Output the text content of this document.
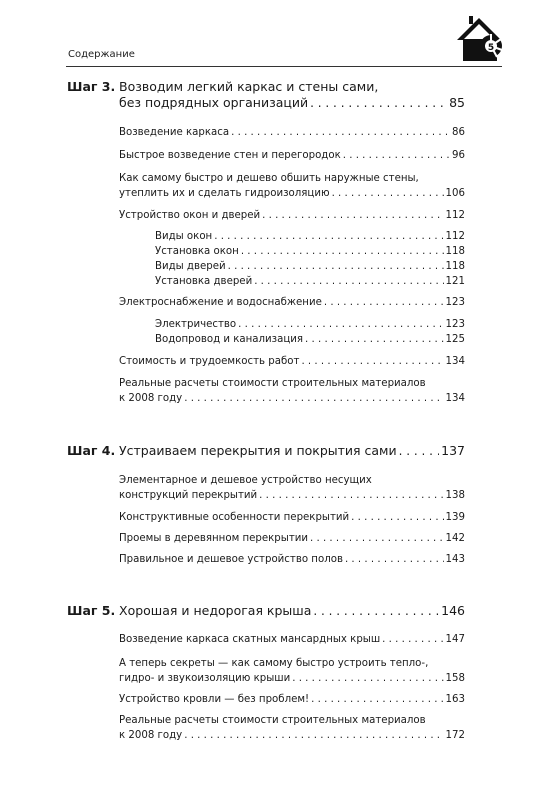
Содержание
5
Шаг 3. Возводим легкий каркас и стены сами,
без подрядных организаций . . .	85
Возведение каркаса . . .	86
Быстрое возведение стен и перегородок . . .	96
Как самому быстро и дешево обшить наружные стены,
утеплить их и сделать гидроизоляцию . . .	106
Устройство окон и дверей . . .	112
Виды окон . . .	112
Установка окон . . .	118
Виды дверей . . .	118
Установка дверей . . .	121
Электроснабжение и водоснабжение . . .	123
Электричество . . .	123
Водопровод и канализация . . .	125
Стоимость и трудоемкость работ . . .	134
Реальные расчеты стоимости строительных материалов
к 2008 году . . .	134
Шаг 4. Устраиваем перекрытия и покрытия сами . . .	137
Элементарное и дешевое устройство несущих
конструкций перекрытий . . .	138
Конструктивные особенности перекрытий . . .	139
Проемы в деревянном перекрытии . . .	142
Правильное и дешевое устройство полов . . .	143
Шаг 5. Хорошая и недорогая крыша . . .	146
Возведение каркаса скатных мансардных крыш . . .	147
А теперь секреты — как самому быстро устроить тепло-,
гидро- и звукоизоляцию крыши . . .	158
Устройство кровли — без проблем! . . .	163
Реальные расчеты стоимости строительных материалов
к 2008 году . . .	172
